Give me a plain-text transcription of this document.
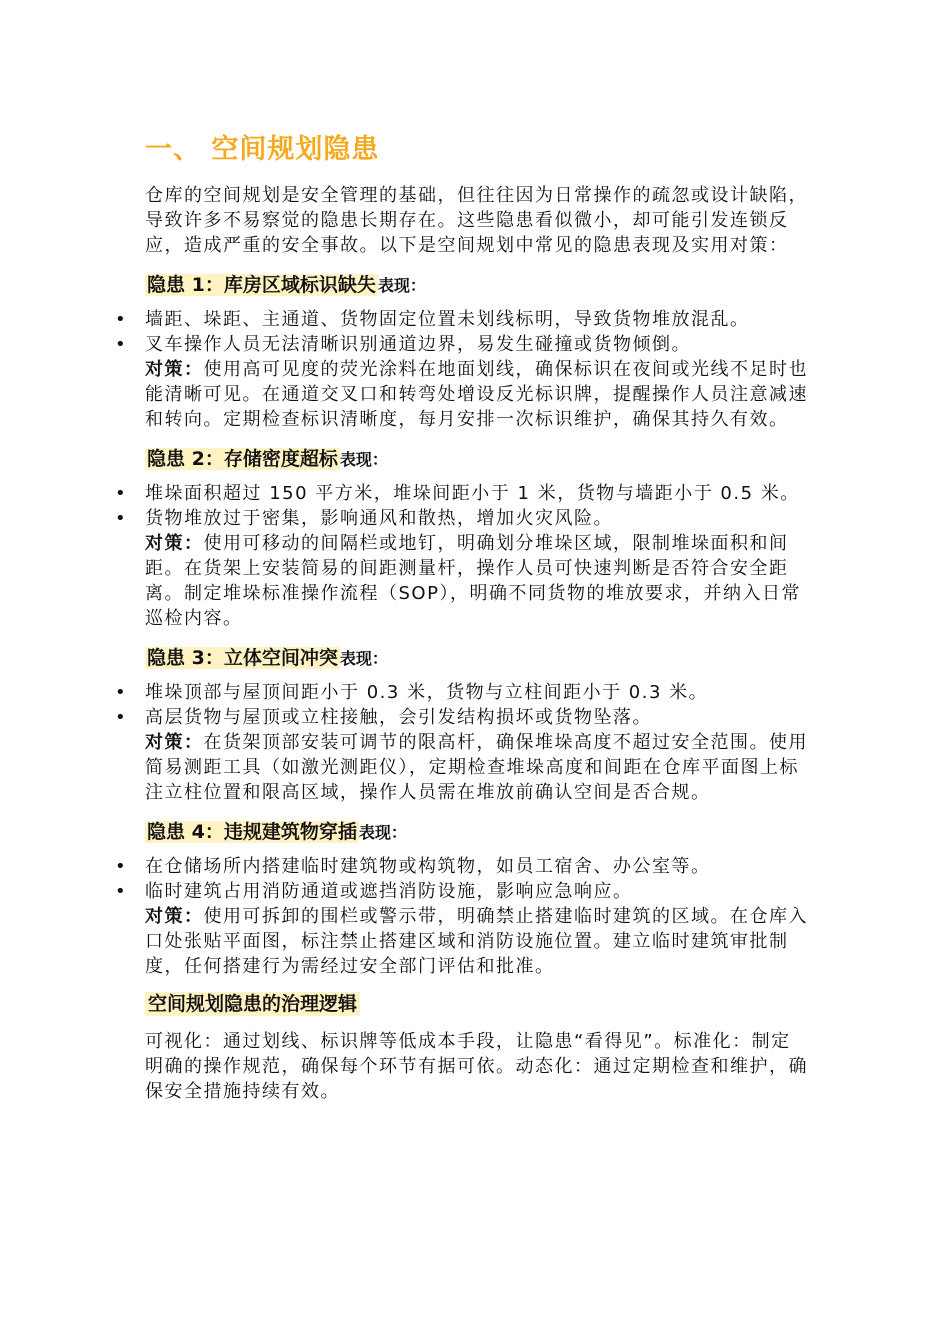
一、 空间规划隐患

仓库的空间规划是安全管理的基础，但往往因为日常操作的疏忽或设计缺陷，导致许多不易察觉的隐患长期存在。这些隐患看似微小，却可能引发连锁反应，造成严重的安全事故。以下是空间规划中常见的隐患表现及实用对策：

隐患 1：库房区域标识缺失 表现：
• 墙距、垛距、主通道、货物固定位置未划线标明，导致货物堆放混乱。
• 叉车操作人员无法清晰识别通道边界，易发生碰撞或货物倾倒。

对策：使用高可见度的荧光涂料在地面划线，确保标识在夜间或光线不足时也能清晰可见。在通道交叉口和转弯处增设反光标识牌，提醒操作人员注意减速和转向。定期检查标识清晰度，每月安排一次标识维护，确保其持久有效。

隐患 2：存储密度超标 表现：
• 堆垛面积超过 150 平方米，堆垛间距小于 1 米，货物与墙距小于 0.5 米。
• 货物堆放过于密集，影响通风和散热，增加火灾风险。

对策：使用可移动的间隔栏或地钉，明确划分堆垛区域，限制堆垛面积和间距。在货架上安装简易的间距测量杆，操作人员可快速判断是否符合安全距离。制定堆垛标准操作流程（SOP），明确不同货物的堆放要求，并纳入日常巡检内容。

隐患 3：立体空间冲突 表现：
• 堆垛顶部与屋顶间距小于 0.3 米，货物与立柱间距小于 0.3 米。
• 高层货物与屋顶或立柱接触，会引发结构损坏或货物坠落。

对策：在货架顶部安装可调节的限高杆，确保堆垛高度不超过安全范围。使用简易测距工具（如激光测距仪），定期检查堆垛高度和间距在仓库平面图上标注立柱位置和限高区域，操作人员需在堆放前确认空间是否合规。

隐患 4：违规建筑物穿插 表现：
• 在仓储场所内搭建临时建筑物或构筑物，如员工宿舍、办公室等。
• 临时建筑占用消防通道或遮挡消防设施，影响应急响应。

对策：使用可拆卸的围栏或警示带，明确禁止搭建临时建筑的区域。在仓库入口处张贴平面图，标注禁止搭建区域和消防设施位置。建立临时建筑审批制度，任何搭建行为需经过安全部门评估和批准。

空间规划隐患的治理逻辑

可视化：通过划线、标识牌等低成本手段，让隐患“看得见”。标准化：制定明确的操作规范，确保每个环节有据可依。动态化：通过定期检查和维护，确保安全措施持续有效。
